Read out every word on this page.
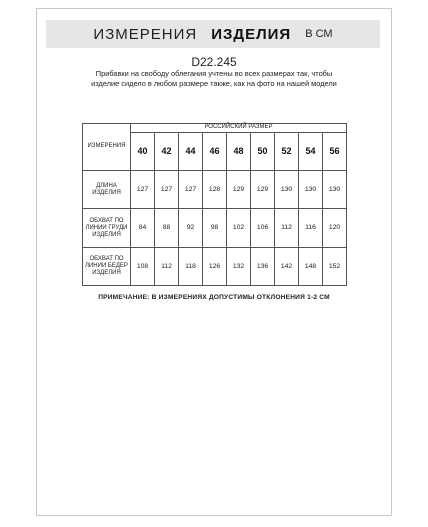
ИЗМЕРЕНИЯ ИЗДЕЛИЯ В СМ
D22.245
Прибавки на свободу облегания учтены во всех размерах так, чтобы изделие сидело в любом размере также, как на фото на нашей модели
ИЗМЕРЕНИЯ	РОССИЙСКИЙ РАЗМЕР								
	40	42	44	46	48	50	52	54	56
ДЛИНА
ИЗДЕЛИЯ	127	127	127	128	129	129	130	130	130
ОБХВАТ ПО
ЛИНИИ ГРУДИ
ИЗДЕЛИЯ	84	88	92	98	102	106	112	116	120
ОБХВАТ ПО
ЛИНИИ БЕДЕР
ИЗДЕЛИЯ	108	112	118	126	132	136	142	148	152
ПРИМЕЧАНИЕ: В ИЗМЕРЕНИЯХ ДОПУСТИМЫ ОТКЛОНЕНИЯ 1-2 СМ
